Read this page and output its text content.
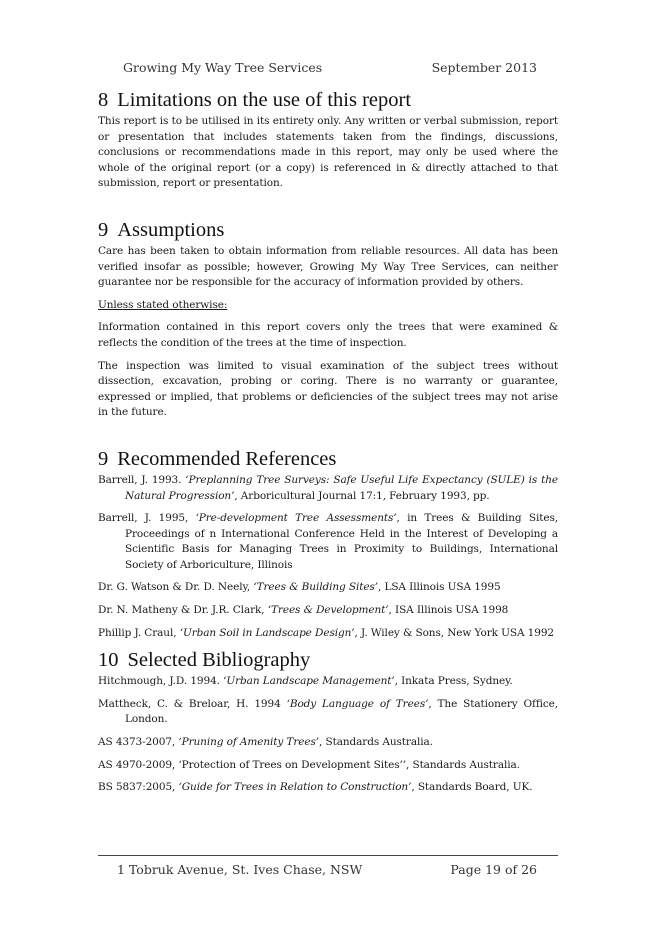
Growing My Way Tree Services	September 2013
8 Limitations on the use of this report

This report is to be utilised in its entirety only. Any written or verbal submission, report or presentation that includes statements taken from the findings, discussions, conclusions or recommendations made in this report, may only be used where the whole of the original report (or a copy) is referenced in & directly attached to that submission, report or presentation.

9 Assumptions

Care has been taken to obtain information from reliable resources. All data has been verified insofar as possible; however, Growing My Way Tree Services, can neither guarantee nor be responsible for the accuracy of information provided by others.

Unless stated otherwise:

Information contained in this report covers only the trees that were examined & reflects the condition of the trees at the time of inspection.

The inspection was limited to visual examination of the subject trees without dissection, excavation, probing or coring. There is no warranty or guarantee, expressed or implied, that problems or deficiencies of the subject trees may not arise in the future.

9 Recommended References
Barrell, J. 1993. ‘Preplanning Tree Surveys: Safe Useful Life Expectancy (SULE) is the Natural Progression’, Arboricultural Journal 17:1, February 1993, pp.
Barrell, J. 1995, ‘Pre-development Tree Assessments’, in Trees & Building Sites, Proceedings of n International Conference Held in the Interest of Developing a Scientific Basis for Managing Trees in Proximity to Buildings, International Society of Arboriculture, Illinois
Dr. G. Watson & Dr. D. Neely, ‘Trees & Building Sites’, LSA Illinois USA 1995
Dr. N. Matheny & Dr. J.R. Clark, ‘Trees & Development’, ISA Illinois USA 1998
Phillip J. Craul, ‘Urban Soil in Landscape Design’, J. Wiley & Sons, New York USA 1992
10 Selected Bibliography
Hitchmough, J.D. 1994. ‘Urban Landscape Management’, Inkata Press, Sydney.
Mattheck, C. & Breloar, H. 1994 ‘Body Language of Trees’, The Stationery Office, London.
AS 4373-2007, ‘Pruning of Amenity Trees’, Standards Australia.
AS 4970-2009, ‘Protection of Trees on Development Sites’’, Standards Australia.
BS 5837:2005, ‘Guide for Trees in Relation to Construction’, Standards Board, UK.
1 Tobruk Avenue, St. Ives Chase, NSW	Page 19 of 26
